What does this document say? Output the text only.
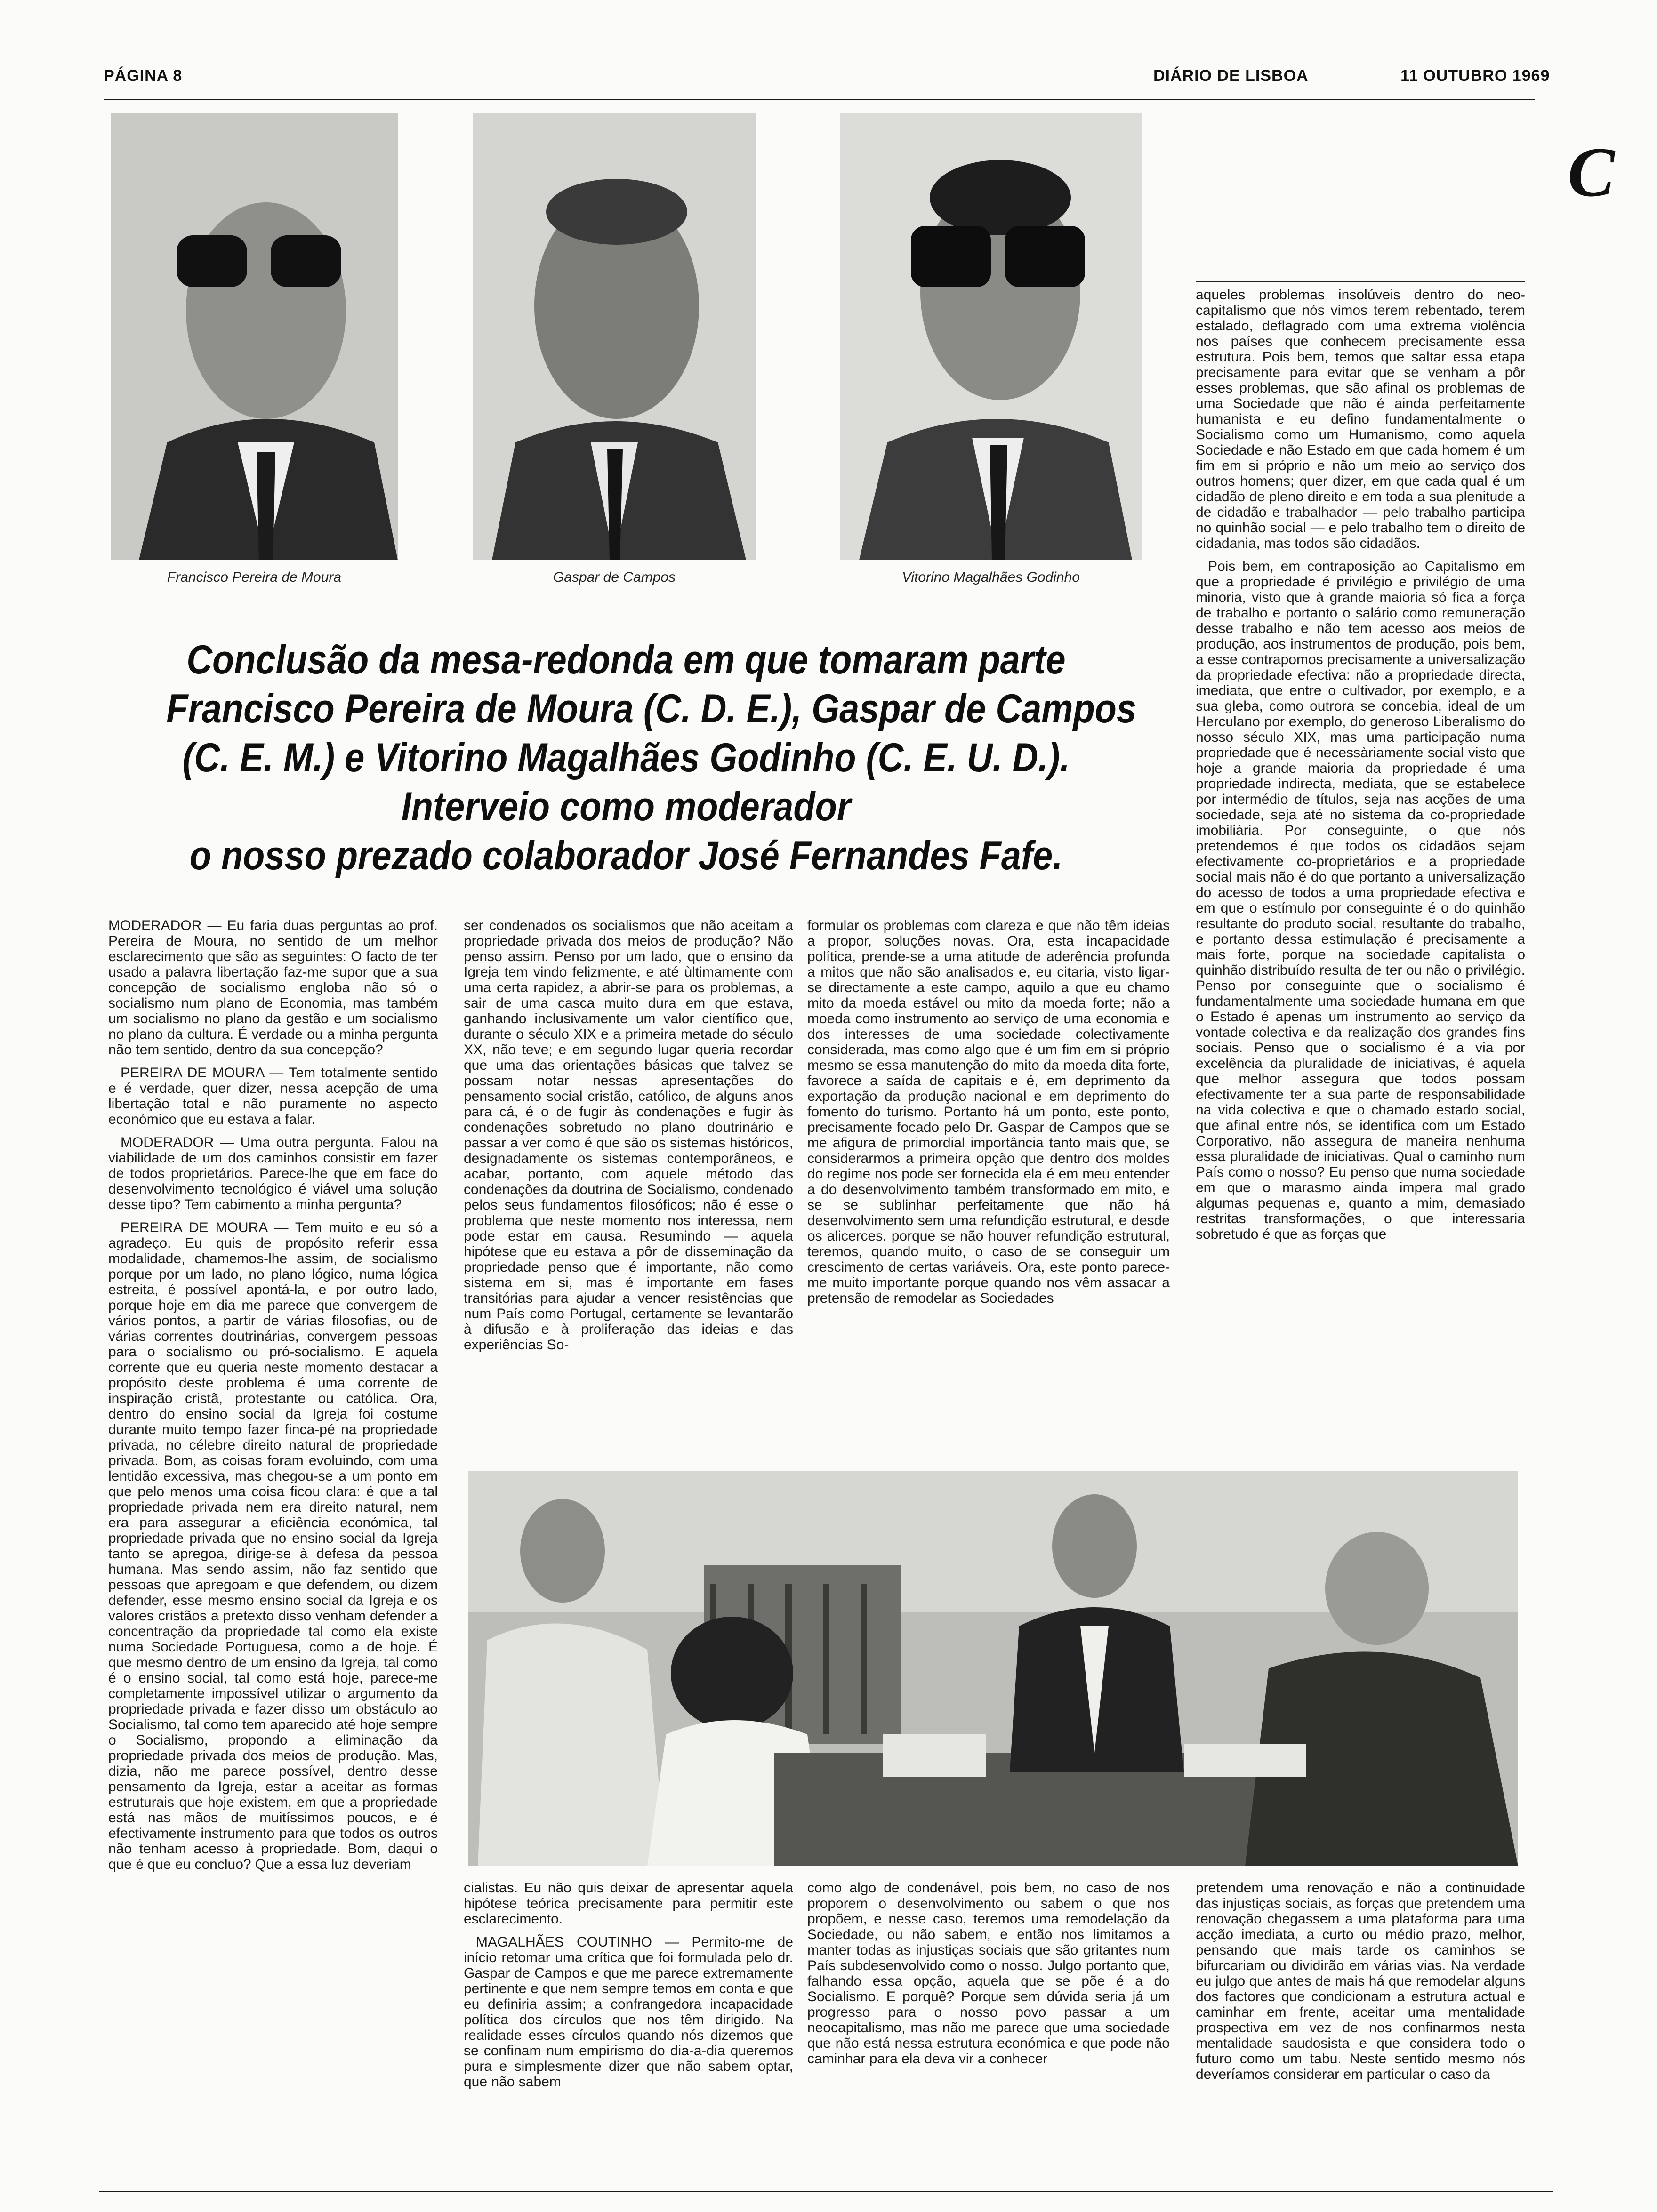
PÁGINA 8	DIÁRIO DE LISBOA	11 OUTUBRO 1969
C
Francisco Pereira de Moura	Gaspar de Campos	Vitorino Magalhães Godinho
Conclusão da mesa-redonda em que tomaram parte
Francisco Pereira de Moura (C. D. E.), Gaspar de Campos
(C. E. M.) e Vitorino Magalhães Godinho (C. E. U. D.).
Interveio como moderador
o nosso prezado colaborador José Fernandes Fafe.

MODERADOR — Eu faria duas perguntas ao prof. Pereira de Moura, no sentido de um melhor esclarecimento que são as seguintes: O facto de ter usado a palavra libertação faz-me supor que a sua concepção de socialismo engloba não só o socialismo num plano de Economia, mas também um socialismo no plano da gestão e um socialismo no plano da cultura. É verdade ou a minha pergunta não tem sentido, dentro da sua concepção?

PEREIRA DE MOURA — Tem totalmente sentido e é verdade, quer dizer, nessa acepção de uma libertação total e não puramente no aspecto económico que eu estava a falar.

MODERADOR — Uma outra pergunta. Falou na viabilidade de um dos caminhos consistir em fazer de todos proprietários. Parece-lhe que em face do desenvolvimento tecnológico é viável uma solução desse tipo? Tem cabimento a minha pergunta?

PEREIRA DE MOURA — Tem muito e eu só a agradeço. Eu quis de propósito referir essa modalidade, chamemos-lhe assim, de socialismo porque por um lado, no plano lógico, numa lógica estreita, é possível apontá-la, e por outro lado, porque hoje em dia me parece que convergem de vários pontos, a partir de várias filosofias, ou de várias correntes doutrinárias, convergem pessoas para o socialismo ou pró-socialismo. E aquela corrente que eu queria neste momento destacar a propósito deste problema é uma corrente de inspiração cristã, protestante ou católica. Ora, dentro do ensino social da Igreja foi costume durante muito tempo fazer finca-pé na propriedade privada, no célebre direito natural de propriedade privada. Bom, as coisas foram evoluindo, com uma lentidão excessiva, mas chegou-se a um ponto em que pelo menos uma coisa ficou clara: é que a tal propriedade privada nem era direito natural, nem era para assegurar a eficiência económica, tal propriedade privada que no ensino social da Igreja tanto se apregoa, dirige-se à defesa da pessoa humana. Mas sendo assim, não faz sentido que pessoas que apregoam e que defendem, ou dizem defender, esse mesmo ensino social da Igreja e os valores cristãos a pretexto disso venham defender a concentração da propriedade tal como ela existe numa Sociedade Portuguesa, como a de hoje. É que mesmo dentro de um ensino da Igreja, tal como é o ensino social, tal como está hoje, parece-me completamente impossível utilizar o argumento da propriedade privada e fazer disso um obstáculo ao Socialismo, tal como tem aparecido até hoje sempre o Socialismo, propondo a eliminação da propriedade privada dos meios de produção. Mas, dizia, não me parece possível, dentro desse pensamento da Igreja, estar a aceitar as formas estruturais que hoje existem, em que a propriedade está nas mãos de muitíssimos poucos, e é efectivamente instrumento para que todos os outros não tenham acesso à propriedade. Bom, daqui o que é que eu concluo? Que a essa luz deveriam

ser condenados os socialismos que não aceitam a propriedade privada dos meios de produção? Não penso assim. Penso por um lado, que o ensino da Igreja tem vindo felizmente, e até ùltimamente com uma certa rapidez, a abrir-se para os problemas, a sair de uma casca muito dura em que estava, ganhando inclusivamente um valor científico que, durante o século XIX e a primeira metade do século XX, não teve; e em segundo lugar queria recordar que uma das orientações básicas que talvez se possam notar nessas apresentações do pensamento social cristão, católico, de alguns anos para cá, é o de fugir às condenações e fugir às condenações sobretudo no plano doutrinário e passar a ver como é que são os sistemas históricos, designadamente os sistemas contemporâneos, e acabar, portanto, com aquele método das condenações da doutrina de Socialismo, condenado pelos seus fundamentos filosóficos; não é esse o problema que neste momento nos interessa, nem pode estar em causa. Resumindo — aquela hipótese que eu estava a pôr de disseminação da propriedade penso que é importante, não como sistema em si, mas é importante em fases transitórias para ajudar a vencer resistências que num País como Portugal, certamente se levantarão à difusão e à proliferação das ideias e das experiências So-

formular os problemas com clareza e que não têm ideias a propor, soluções novas. Ora, esta incapacidade política, prende-se a uma atitude de aderência profunda a mitos que não são analisados e, eu citaria, visto ligar-se directamente a este campo, aquilo a que eu chamo mito da moeda estável ou mito da moeda forte; não a moeda como instrumento ao serviço de uma economia e dos interesses de uma sociedade colectivamente considerada, mas como algo que é um fim em si próprio mesmo se essa manutenção do mito da moeda dita forte, favorece a saída de capitais e é, em deprimento da exportação da produção nacional e em deprimento do fomento do turismo. Portanto há um ponto, este ponto, precisamente focado pelo Dr. Gaspar de Campos que se me afigura de primordial importância tanto mais que, se considerarmos a primeira opção que dentro dos moldes do regime nos pode ser fornecida ela é em meu entender a do desenvolvimento também transformado em mito, e se se sublinhar perfeitamente que não há desenvolvimento sem uma refundição estrutural, e desde os alicerces, porque se não houver refundição estrutural, teremos, quando muito, o caso de se conseguir um crescimento de certas variáveis. Ora, este ponto parece-me muito importante porque quando nos vêm assacar a pretensão de remodelar as Sociedades

aqueles problemas insolúveis dentro do neo-capitalismo que nós vimos terem rebentado, terem estalado, deflagrado com uma extrema violência nos países que conhecem precisamente essa estrutura. Pois bem, temos que saltar essa etapa precisamente para evitar que se venham a pôr esses problemas, que são afinal os problemas de uma Sociedade que não é ainda perfeitamente humanista e eu defino fundamentalmente o Socialismo como um Humanismo, como aquela Sociedade e não Estado em que cada homem é um fim em si próprio e não um meio ao serviço dos outros homens; quer dizer, em que cada qual é um cidadão de pleno direito e em toda a sua plenitude a de cidadão e trabalhador — pelo trabalho participa no quinhão social — e pelo trabalho tem o direito de cidadania, mas todos são cidadãos.

Pois bem, em contraposição ao Capitalismo em que a propriedade é privilégio e privilégio de uma minoria, visto que à grande maioria só fica a força de trabalho e portanto o salário como remuneração desse trabalho e não tem acesso aos meios de produção, aos instrumentos de produção, pois bem, a esse contrapomos precisamente a universalização da propriedade efectiva: não a propriedade directa, imediata, que entre o cultivador, por exemplo, e a sua gleba, como outrora se concebia, ideal de um Herculano por exemplo, do generoso Liberalismo do nosso século XIX, mas uma participação numa propriedade que é necessàriamente social visto que hoje a grande maioria da propriedade é uma propriedade indirecta, mediata, que se estabelece por intermédio de títulos, seja nas acções de uma sociedade, seja até no sistema da co-propriedade imobiliária. Por conseguinte, o que nós pretendemos é que todos os cidadãos sejam efectivamente co-proprietários e a propriedade social mais não é do que portanto a universalização do acesso de todos a uma propriedade efectiva e em que o estímulo por conseguinte é o do quinhão resultante do produto social, resultante do trabalho, e portanto dessa estimulação é precisamente a mais forte, porque na sociedade capitalista o quinhão distribuído resulta de ter ou não o privilégio. Penso por conseguinte que o socialismo é fundamentalmente uma sociedade humana em que o Estado é apenas um instrumento ao serviço da vontade colectiva e da realização dos grandes fins sociais. Penso que o socialismo é a via por excelência da pluralidade de iniciativas, é aquela que melhor assegura que todos possam efectivamente ter a sua parte de responsabilidade na vida colectiva e que o chamado estado social, que afinal entre nós, se identifica com um Estado Corporativo, não assegura de maneira nenhuma essa pluralidade de iniciativas. Qual o caminho num País como o nosso? Eu penso que numa sociedade em que o marasmo ainda impera mal grado algumas pequenas e, quanto a mim, demasiado restritas transformações, o que interessaria sobretudo é que as forças que

cialistas. Eu não quis deixar de apresentar aquela hipótese teórica precisamente para permitir este esclarecimento.

MAGALHÃES COUTINHO — Permito-me de início retomar uma crítica que foi formulada pelo dr. Gaspar de Campos e que me parece extremamente pertinente e que nem sempre temos em conta e que eu definiria assim; a confrangedora incapacidade política dos círculos que nos têm dirigido. Na realidade esses círculos quando nós dizemos que se confinam num empirismo do dia-a-dia queremos pura e simplesmente dizer que não sabem optar, que não sabem

como algo de condenável, pois bem, no caso de nos proporem o desenvolvimento ou sabem o que nos propõem, e nesse caso, teremos uma remodelação da Sociedade, ou não sabem, e então nos limitamos a manter todas as injustiças sociais que são gritantes num País subdesenvolvido como o nosso. Julgo portanto que, falhando essa opção, aquela que se põe é a do Socialismo. E porquê? Porque sem dúvida seria já um progresso para o nosso povo passar a um neocapitalismo, mas não me parece que uma sociedade que não está nessa estrutura económica e que pode não caminhar para ela deva vir a conhecer

pretendem uma renovação e não a continuidade das injustiças sociais, as forças que pretendem uma renovação chegassem a uma plataforma para uma acção imediata, a curto ou médio prazo, melhor, pensando que mais tarde os caminhos se bifurcariam ou dividirão em várias vias. Na verdade eu julgo que antes de mais há que remodelar alguns dos factores que condicionam a estrutura actual e caminhar em frente, aceitar uma mentalidade prospectiva em vez de nos confinarmos nesta mentalidade saudosista e que considera todo o futuro como um tabu. Neste sentido mesmo nós deveríamos considerar em particular o caso da
